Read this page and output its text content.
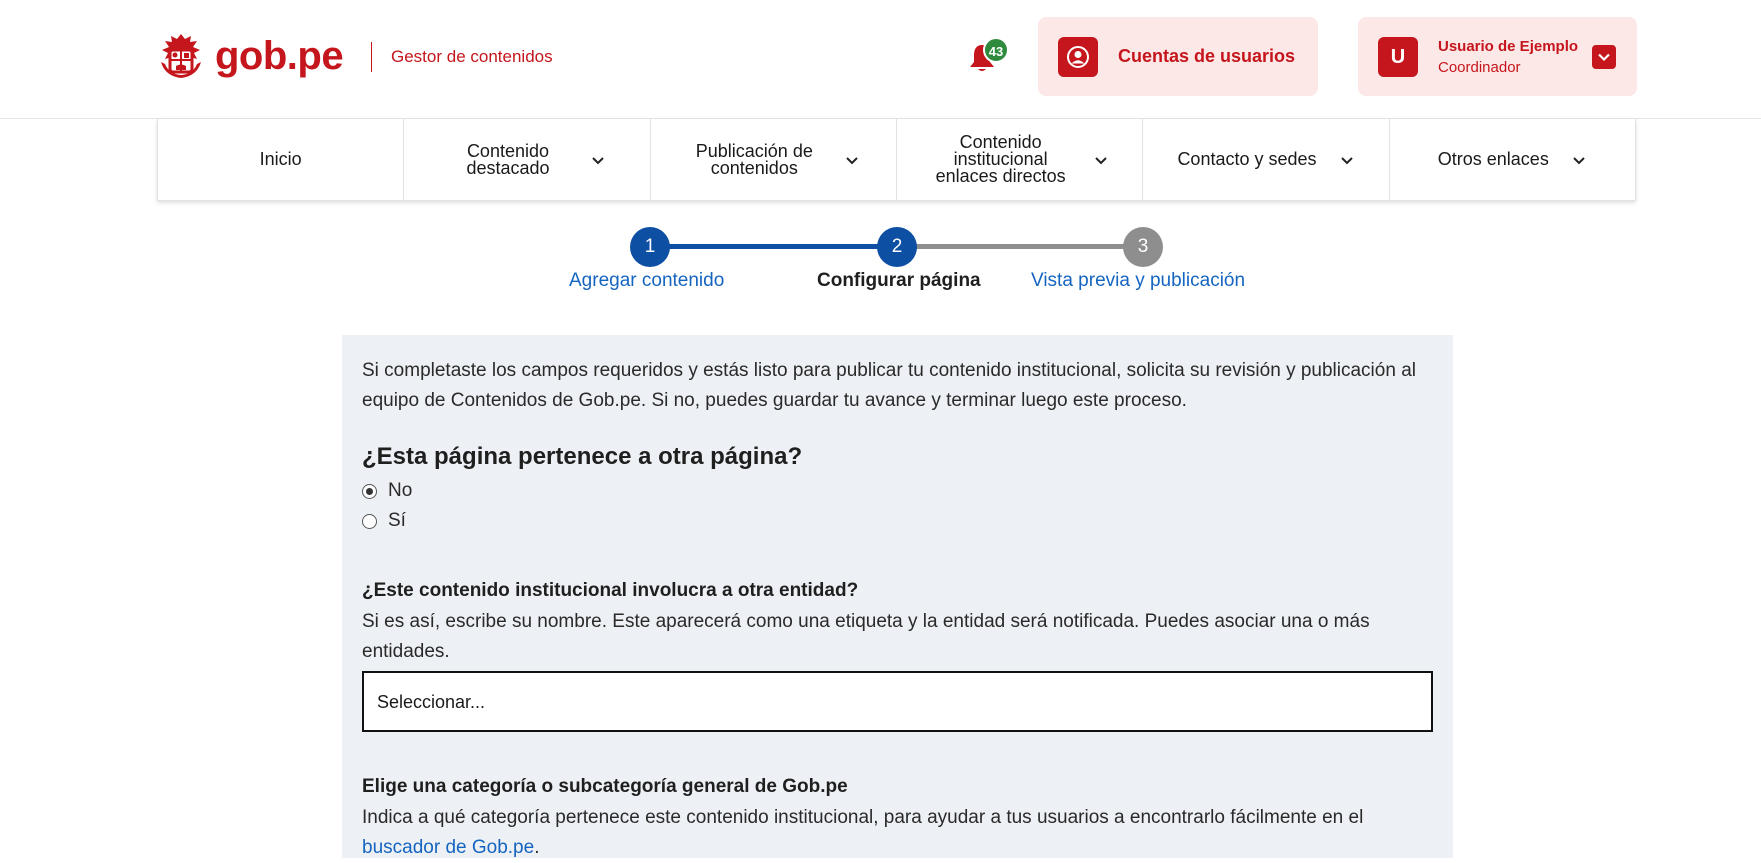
gob.pe	Gestor de contenidos	43	Cuentas de usuarios	U	Usuario de Ejemplo
Coordinador
Inicio	Contenido destacado
Publicación de contenidos
Contenido institucional enlaces directos
Contacto y sedes	Otros enlaces
1	2	3
Agregar contenido	Configurar página	Vista previa y publicación

Si completaste los campos requeridos y estás listo para publicar tu contenido institucional, solicita su revisión y publicación al equipo de Contenidos de Gob.pe. Si no, puedes guardar tu avance y terminar luego este proceso.

¿Esta página pertenece a otra página?
No
Sí
¿Este contenido institucional involucra a otra entidad?

Si es así, escribe su nombre. Este aparecerá como una etiqueta y la entidad será notificada. Puedes asociar una o más entidades.

Seleccionar...
Elige una categoría o subcategoría general de Gob.pe

Indica a qué categoría pertenece este contenido institucional, para ayudar a tus usuarios a encontrarlo fácilmente en el buscador de Gob.pe.
